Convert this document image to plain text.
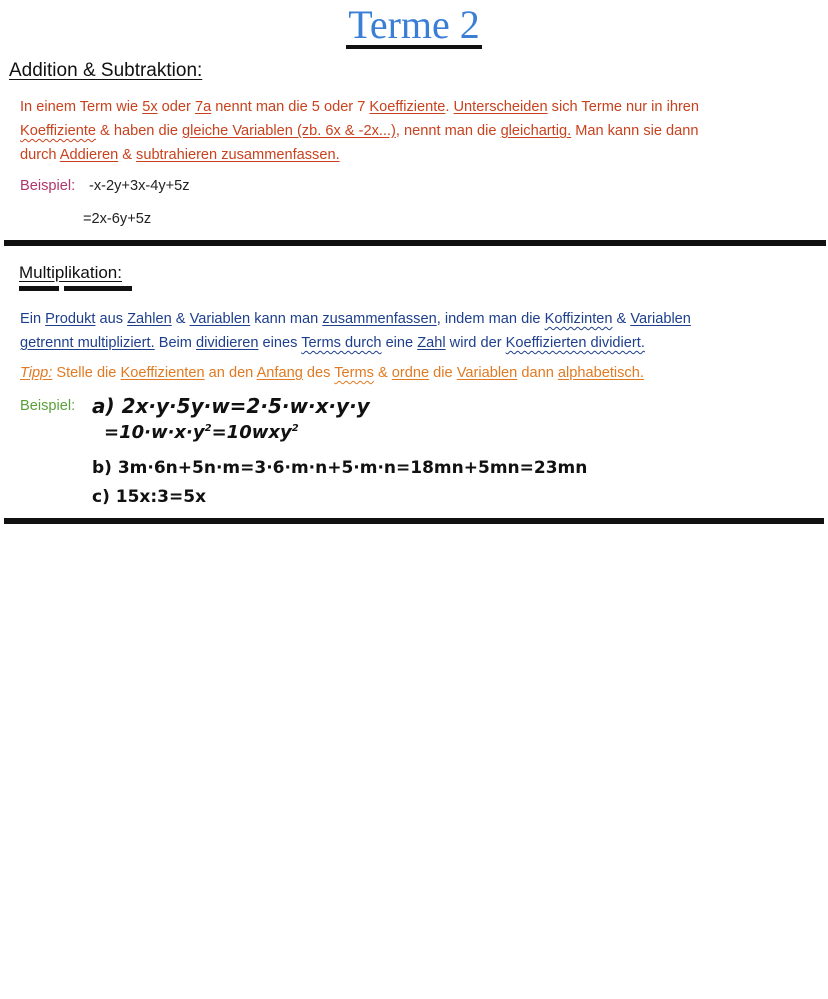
Terme 2
Addition & Subtraktion:
In einem Term wie 5x oder 7a nennt man die 5 oder 7 Koeffiziente. Unterscheiden sich Terme nur in ihren
Koeffiziente & haben die gleiche Variablen (zb. 6x & -2x...), nennt man die gleichartig. Man kann sie dann
durch Addieren & subtrahieren zusammenfassen.
Beispiel: -x-2y+3x-4y+5z
=2x-6y+5z
Multiplikation:
Ein Produkt aus Zahlen & Variablen kann man zusammenfassen, indem man die Koffizinten & Variablen
getrennt multipliziert. Beim dividieren eines Terms durch eine Zahl wird der Koeffizierten dividiert.
Tipp: Stelle die Koeffizienten an den Anfang des Terms & ordne die Variablen dann alphabetisch.
Beispiel: a) 2x·y·5y·w=2·5·w·x·y·y
$=10\cdot w\cdot x\cdot y^2=10wxy^2$
b) 3m·6n+5n·m=3·6·m·n+5·m·n=18mn+5mn=23mn
c) 15x:3=5x
